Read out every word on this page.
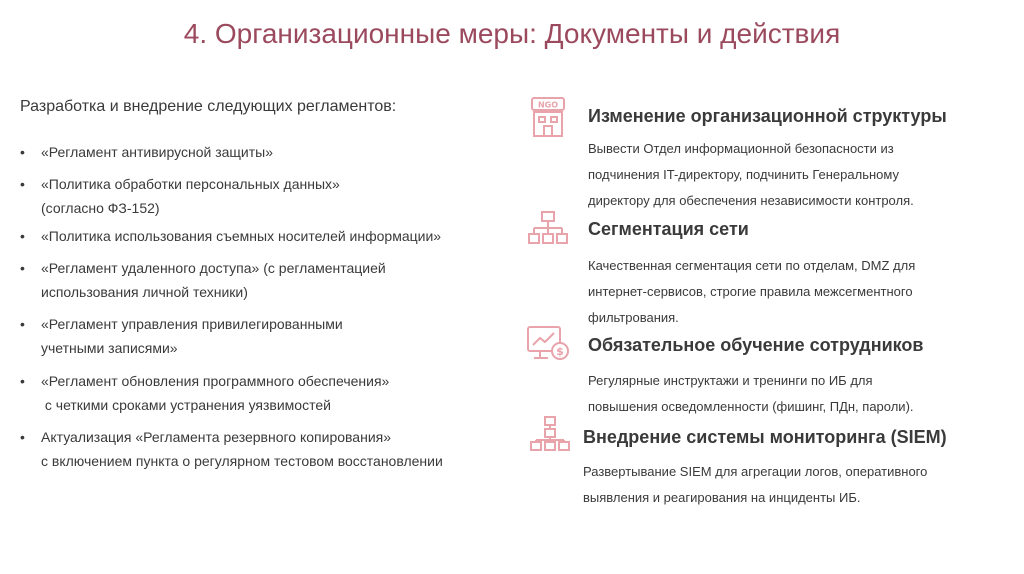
4. Организационные меры: Документы и действия
Разработка и внедрение следующих регламентов:
• «Регламент антивирусной защиты»
• «Политика обработки персональных данных»
(согласно ФЗ-152)
• «Политика использования съемных носителей информации»
• «Регламент удаленного доступа» (с регламентацией
использования личной техники)
• «Регламент управления привилегированными
учетными записями»
• «Регламент обновления программного обеспечения»
с четкими сроками устранения уязвимостей
• Актуализация «Регламента резервного копирования»
с включением пункта о регулярном тестовом восстановлении
NGO
Изменение организационной структуры
Вывести Отдел информационной безопасности из
подчинения IT-директору, подчинить Генеральному
директору для обеспечения независимости контроля.
Сегментация сети
Качественная сегментация сети по отделам, DMZ для
интернет-сервисов, строгие правила межсегментного
фильтрования.
$ Обязательное обучение сотрудников
Регулярные инструктажи и тренинги по ИБ для
повышения осведомленности (фишинг, ПДн, пароли).
Внедрение системы мониторинга (SIEM)
Развертывание SIEM для агрегации логов, оперативного
выявления и реагирования на инциденты ИБ.
